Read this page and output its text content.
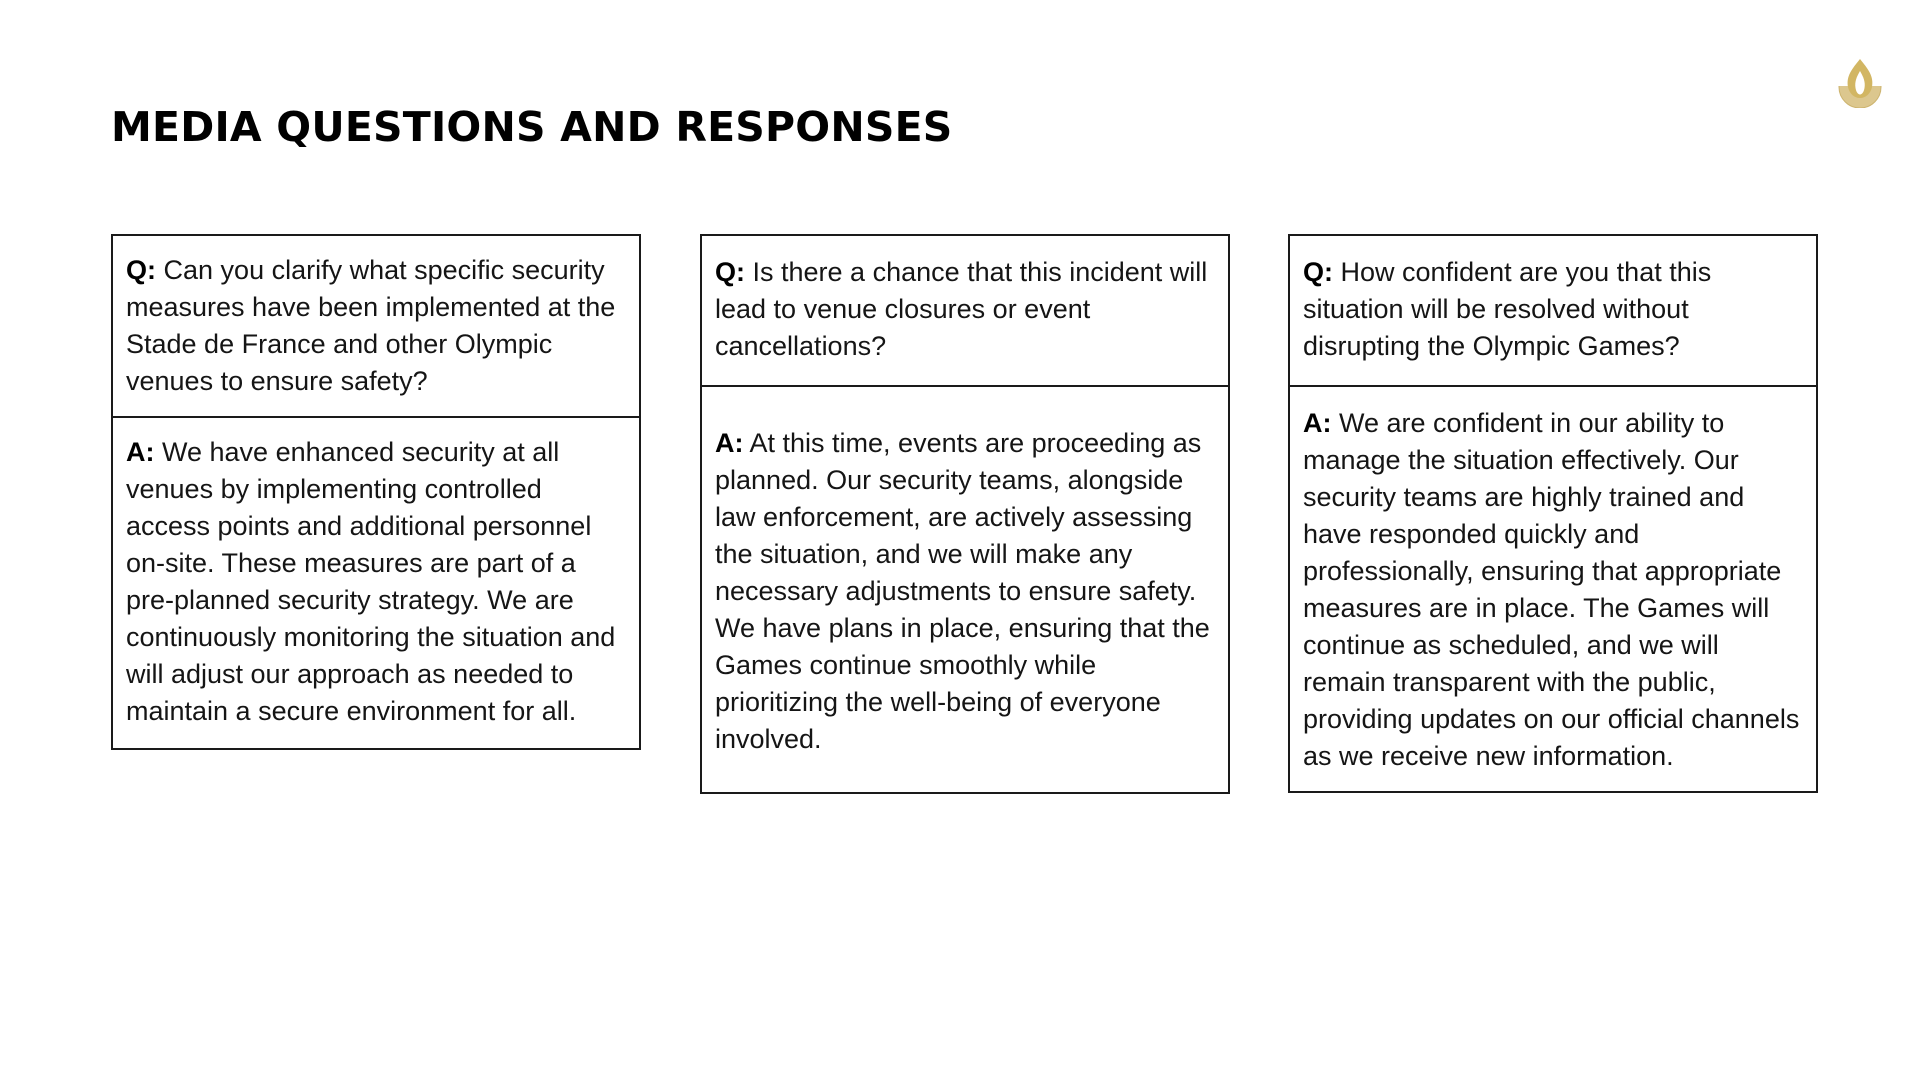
MEDIA QUESTIONS AND RESPONSES
Q: Can you clarify what specific security measures have been implemented at the Stade de France and other Olympic venues to ensure safety?
A: We have enhanced security at all venues by implementing controlled access points and additional personnel on-site. These measures are part of a pre-planned security strategy. We are continuously monitoring the situation and will adjust our approach as needed to maintain a secure environment for all.
Q: Is there a chance that this incident will lead to venue closures or event cancellations?
A: At this time, events are proceeding as planned. Our security teams, alongside law enforcement, are actively assessing the situation, and we will make any necessary adjustments to ensure safety. We have plans in place, ensuring that the Games continue smoothly while prioritizing the well-being of everyone involved.
Q: How confident are you that this situation will be resolved without disrupting the Olympic Games?
A: We are confident in our ability to manage the situation effectively. Our security teams are highly trained and have responded quickly and professionally, ensuring that appropriate measures are in place. The Games will continue as scheduled, and we will remain transparent with the public, providing updates on our official channels as we receive new information.
